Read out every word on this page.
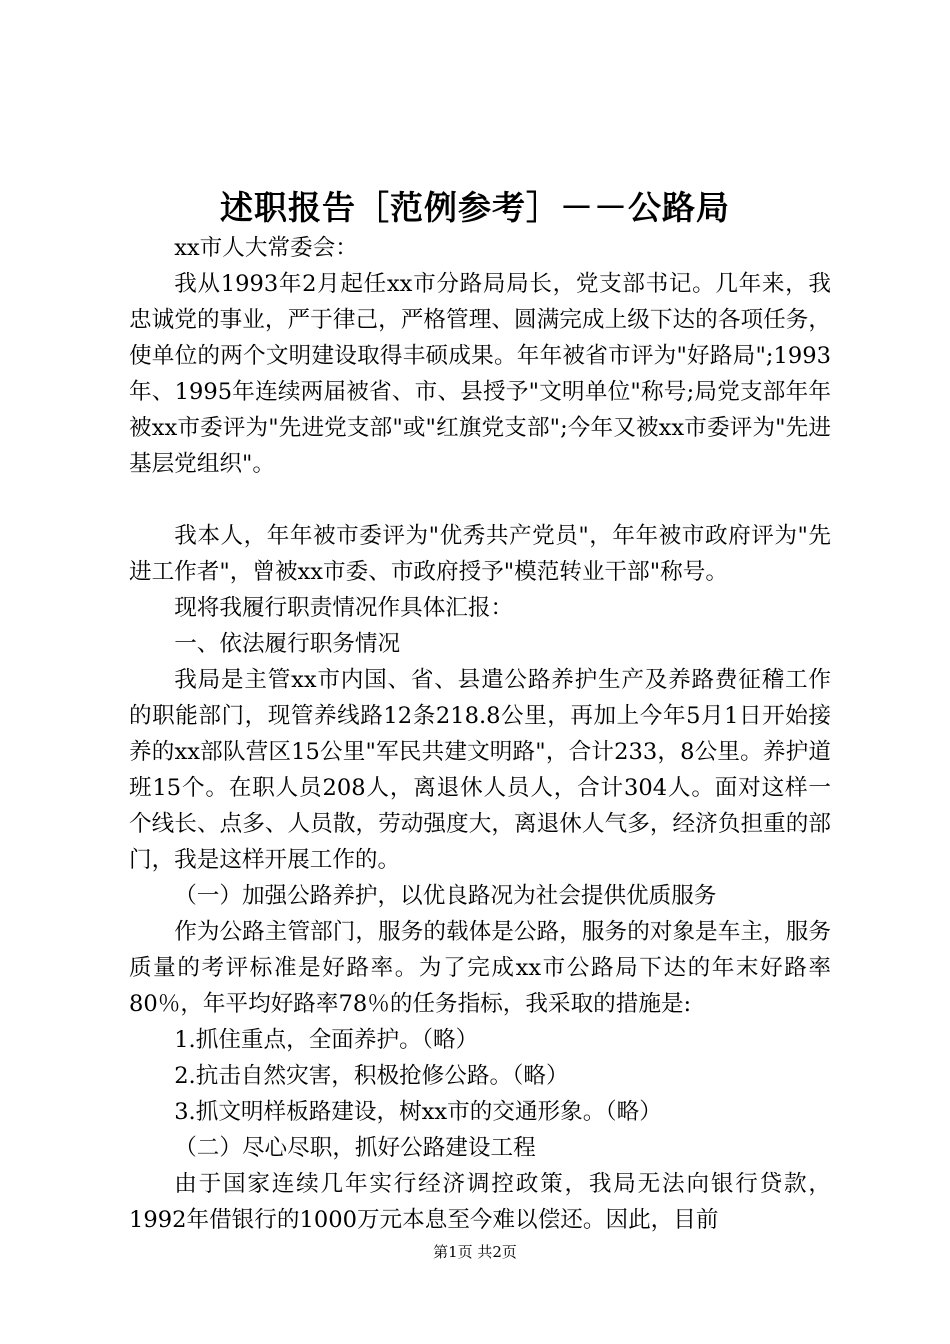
述职报告［范例参考］－－公路局

xx市人大常委会：

我从1993年2月起任xx市分路局局长，党支部书记。几年来，我忠诚党的事业，严于律己，严格管理、圆满完成上级下达的各项任务，使单位的两个文明建设取得丰硕成果。年年被省市评为"好路局";1993年、1995年连续两届被省、市、县授予"文明单位"称号;局党支部年年被xx市委评为"先进党支部"或"红旗党支部";今年又被xx市委评为"先进基层党组织"。

我本人，年年被市委评为"优秀共产党员"，年年被市政府评为"先进工作者"，曾被xx市委、市政府授予"模范转业干部"称号。

现将我履行职责情况作具体汇报：

一、依法履行职务情况

我局是主管xx市内国、省、县遣公路养护生产及养路费征稽工作的职能部门，现管养线路12条218.8公里，再加上今年5月1日开始接养的xx部队营区15公里"军民共建文明路"，合计233，8公里。养护道班15个。在职人员208人，离退休人员人，合计304人。面对这样一个线长、点多、人员散，劳动强度大，离退休人气多，经济负担重的部门，我是这样开展工作的。

（一）加强公路养护，以优良路况为社会提供优质服务

作为公路主管部门，服务的载体是公路，服务的对象是车主，服务质量的考评标准是好路率。为了完成xx市公路局下达的年末好路率80％，年平均好路率78％的任务指标，我采取的措施是:

1.抓住重点，全面养护。（略）

2.抗击自然灾害，积极抢修公路。（略）

3.抓文明样板路建设，树xx市的交通形象。（略）

（二）尽心尽职，抓好公路建设工程

由于国家连续几年实行经济调控政策，我局无法向银行贷款，1992年借银行的1000万元本息至今难以偿还。因此，目前

第1页 共2页
